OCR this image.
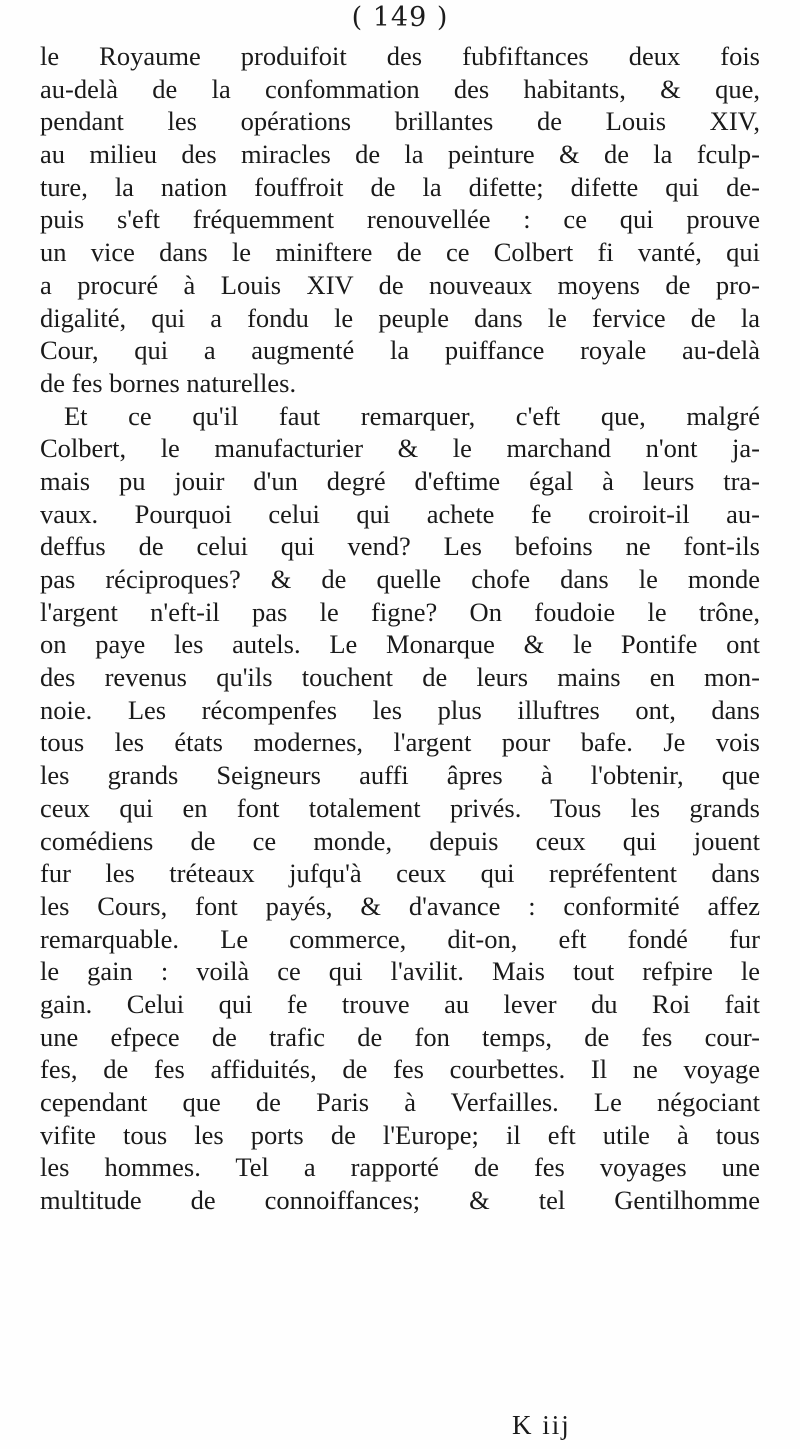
( 149 )
le Royaume produifoit des fubfiftances deux fois
au-delà de la confommation des habitants, & que,
pendant les opérations brillantes de Louis XIV,
au milieu des miracles de la peinture & de la fculp-
ture, la nation fouffroit de la difette; difette qui de-
puis s'eft fréquemment renouvellée : ce qui prouve
un vice dans le miniftere de ce Colbert fi vanté, qui
a procuré à Louis XIV de nouveaux moyens de pro-
digalité, qui a fondu le peuple dans le fervice de la
Cour, qui a augmenté la puiffance royale au-delà
de fes bornes naturelles.
Et ce qu'il faut remarquer, c'eft que, malgré
Colbert, le manufacturier & le marchand n'ont ja-
mais pu jouir d'un degré d'eftime égal à leurs tra-
vaux. Pourquoi celui qui achete fe croiroit-il au-
deffus de celui qui vend? Les befoins ne font-ils
pas réciproques? & de quelle chofe dans le monde
l'argent n'eft-il pas le figne? On foudoie le trône,
on paye les autels. Le Monarque & le Pontife ont
des revenus qu'ils touchent de leurs mains en mon-
noie. Les récompenfes les plus illuftres ont, dans
tous les états modernes, l'argent pour bafe. Je vois
les grands Seigneurs auffi âpres à l'obtenir, que
ceux qui en font totalement privés. Tous les grands
comédiens de ce monde, depuis ceux qui jouent
fur les tréteaux jufqu'à ceux qui repréfentent dans
les Cours, font payés, & d'avance : conformité affez
remarquable. Le commerce, dit-on, eft fondé fur
le gain : voilà ce qui l'avilit. Mais tout refpire le
gain. Celui qui fe trouve au lever du Roi fait
une efpece de trafic de fon temps, de fes cour-
fes, de fes affiduités, de fes courbettes. Il ne voyage
cependant que de Paris à Verfailles. Le négociant
vifite tous les ports de l'Europe; il eft utile à tous
les hommes. Tel a rapporté de fes voyages une
multitude de connoiffances; & tel Gentilhomme
K iij
